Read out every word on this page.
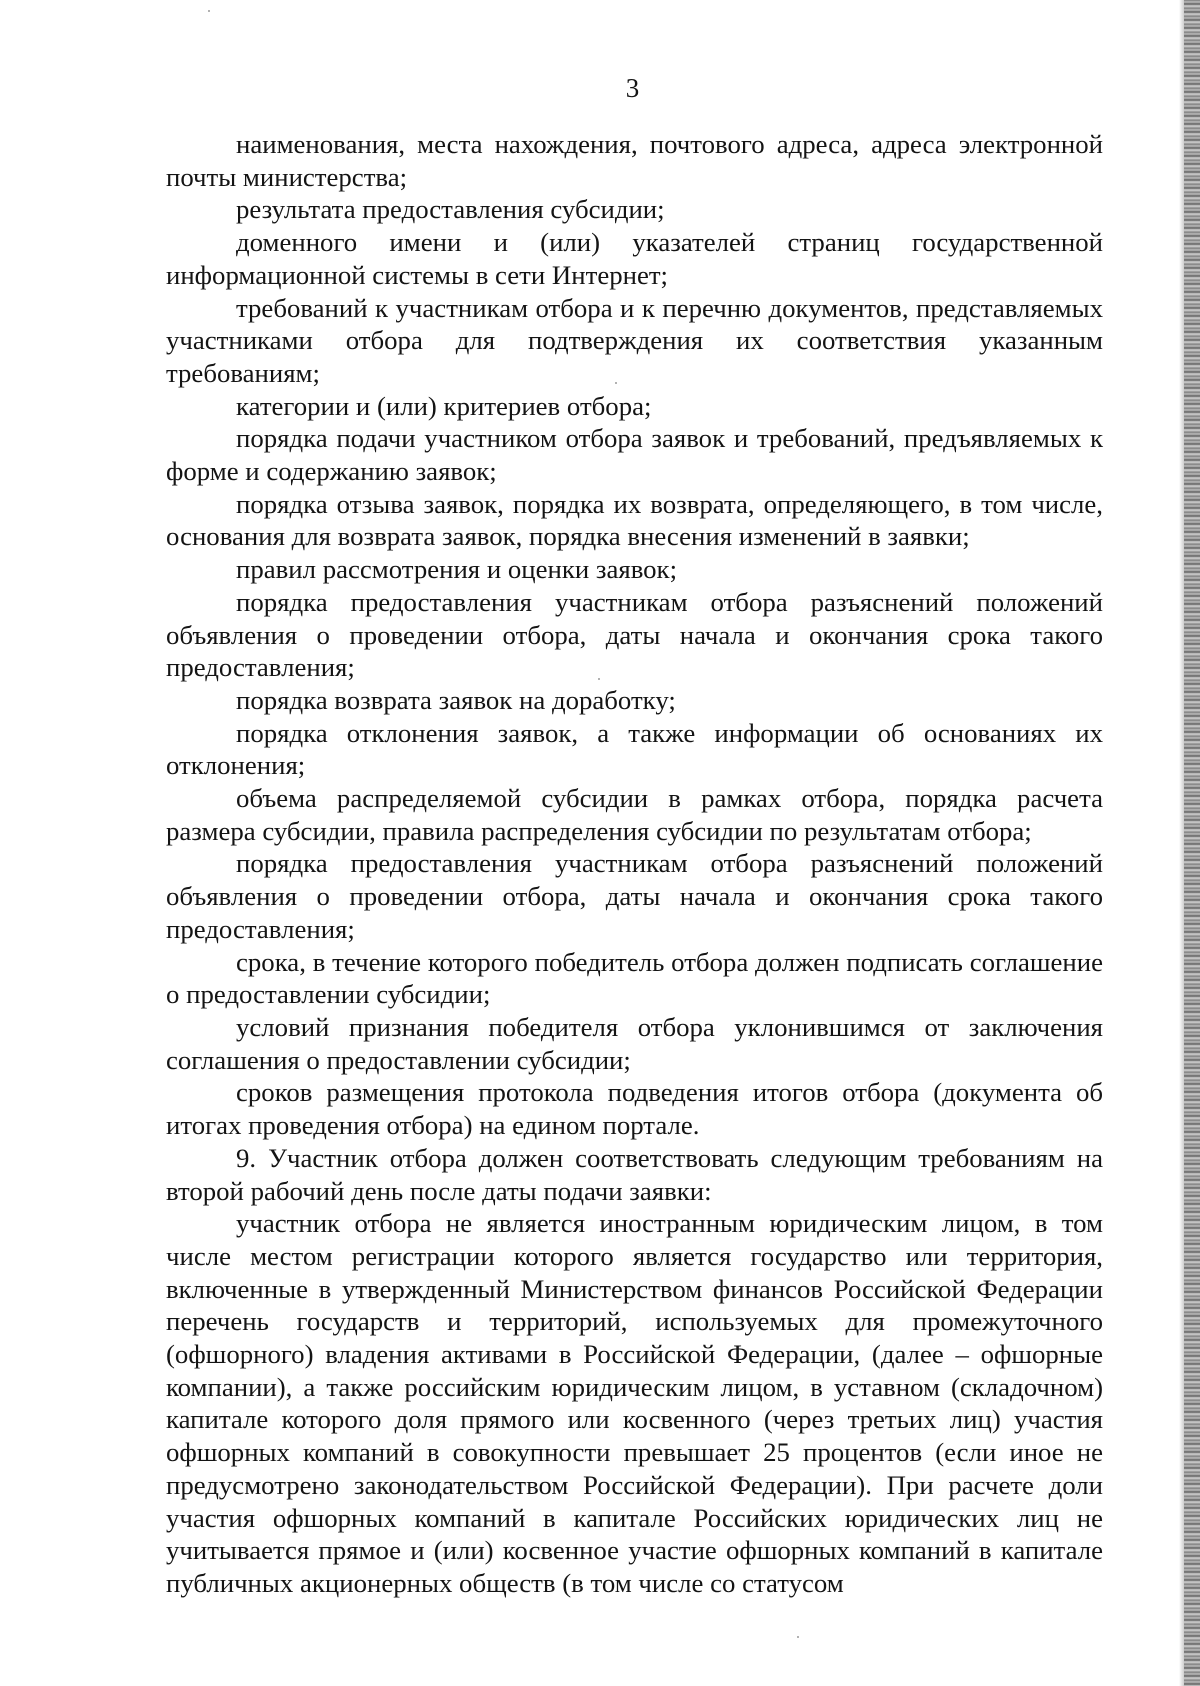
3

наименования, места нахождения, почтового адреса, адреса электронной почты министерства;

результата предоставления субсидии;

доменного имени и (или) указателей страниц государственной информационной системы в сети Интернет;

требований к участникам отбора и к перечню документов, представляемых участниками отбора для подтверждения их соответствия указанным требованиям;

категории и (или) критериев отбора;

порядка подачи участником отбора заявок и требований, предъявляемых к форме и содержанию заявок;

порядка отзыва заявок, порядка их возврата, определяющего, в том числе, основания для возврата заявок, порядка внесения изменений в заявки;

правил рассмотрения и оценки заявок;

порядка предоставления участникам отбора разъяснений положений объявления о проведении отбора, даты начала и окончания срока такого предоставления;

порядка возврата заявок на доработку;

порядка отклонения заявок, а также информации об основаниях их отклонения;

объема распределяемой субсидии в рамках отбора, порядка расчета размера субсидии, правила распределения субсидии по результатам отбора;

порядка предоставления участникам отбора разъяснений положений объявления о проведении отбора, даты начала и окончания срока такого предоставления;

срока, в течение которого победитель отбора должен подписать соглашение о предоставлении субсидии;

условий признания победителя отбора уклонившимся от заключения соглашения о предоставлении субсидии;

сроков размещения протокола подведения итогов отбора (документа об итогах проведения отбора) на едином портале.

9. Участник отбора должен соответствовать следующим требованиям на второй рабочий день после даты подачи заявки:

участник отбора не является иностранным юридическим лицом, в том числе местом регистрации которого является государство или территория, включенные в утвержденный Министерством финансов Российской Федерации перечень государств и территорий, используемых для промежуточного (офшорного) владения активами в Российской Федерации, (далее – офшорные компании), а также российским юридическим лицом, в уставном (складочном) капитале которого доля прямого или косвенного (через третьих лиц) участия офшорных компаний в совокупности превышает 25 процентов (если иное не предусмотрено законодательством Российской Федерации). При расчете доли участия офшорных компаний в капитале Российских юридических лиц не учитывается прямое и (или) косвенное участие офшорных компаний в капитале публичных акционерных обществ (в том числе со статусом
